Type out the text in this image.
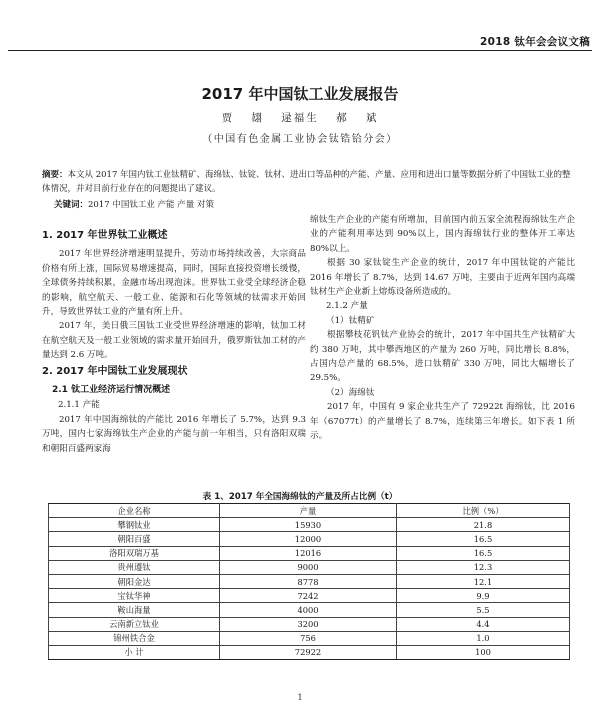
2018 钛年会会议文稿
2017 年中国钛工业发展报告
贾 翃 逯福生 郝 斌
（中国有色金属工业协会钛锆铪分会）
摘要：本文从 2017 年国内钛工业钛精矿、海绵钛、钛锭、钛材、进出口等品种的产能、产量、应用和进出口量等数据分析了中国钛工业的整体情况，并对目前行业存在的问题提出了建议。
关键词：2017 中国钛工业 产能 产量 对策
1. 2017 年世界钛工业概述

2017 年世界经济增速明显提升，劳动市场持续改善，大宗商品价格有所上涨，国际贸易增速提高，同时，国际直接投资增长缓慢，全球债务持续积累，金融市场出现泡沫。世界钛工业受全球经济企稳的影响，航空航天、一般工业、能源和石化等领域的钛需求开始回升，导致世界钛工业的产量有所上升。

2017 年，美日俄三国钛工业受世界经济增速的影响，钛加工材在航空航天及一般工业领域的需求量开始回升，俄罗斯钛加工材的产量达到 2.6 万吨。

2. 2017 年中国钛工业发展现状
2.1 钛工业经济运行情况概述
2.1.1 产能

2017 年中国海绵钛的产能比 2016 年增长了 5.7%，达到 9.3 万吨，国内七家海绵钛生产企业的产能与前一年相当，只有洛阳双瑞和朝阳百盛两家海

绵钛生产企业的产能有所增加，目前国内前五家全流程海绵钛生产企业的产能利用率达到 90%以上，国内海绵钛行业的整体开工率达 80%以上。

根据 30 家钛锭生产企业的统计，2017 年中国钛锭的产能比 2016 年增长了 8.7%，达到 14.67 万吨，主要由于近两年国内高端钛材生产企业新上熔炼设备所造成的。

2.1.2 产量
（1）钛精矿

根据攀枝花钒钛产业协会的统计，2017 年中国共生产钛精矿大约 380 万吨，其中攀西地区的产量为 260 万吨，同比增长 8.8%，占国内总产量的 68.5%，进口钛精矿 330 万吨，同比大幅增长了 29.5%。

（2）海绵钛

2017 年，中国有 9 家企业共生产了 72922t 海绵钛，比 2016 年（67077t）的产量增长了 8.7%，连续第三年增长。如下表 1 所示。

表 1、2017 年全国海绵钛的产量及所占比例（t）
企业名称	产量	比例（%）
攀钢钛业	15930	21.8
朝阳百盛	12000	16.5
洛阳双瑞万基	12016	16.5
贵州遵钛	9000	12.3
朝阳金达	8778	12.1
宝钛华神	7242	9.9
鞍山海量	4000	5.5
云南新立钛业	3200	4.4
锦州铁合金	756	1.0
小 计	72922	100
1
